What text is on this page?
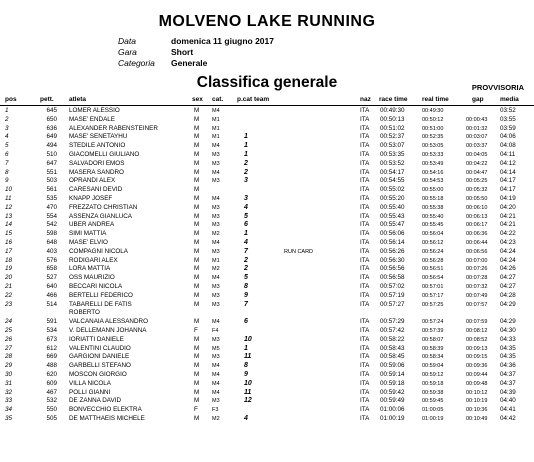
MOLVENO LAKE RUNNING
Data	domenica 11 giugno 2017
Gara	Short
Categoria Generale
Classifica generale	PROVVISORIA
pos	pett. atleta	sex cat. p.cat team	naz race time real time	gap	media
1	645 LOMER ALESSIO	M M4	ITA 00:49:30	00:49:30	03:52
2	650 MASE' ENDALE	M M1	ITA 00:50:13	00:50:12	00:00:43 03:55
3	636 ALEXANDER RABENSTEINER	M M1	ITA 00:51:02	00:51:00	00:01:32 03:59
4	649 MASE' SENETAYHU	M M1	1	ITA 00:52:37	00:52:35	00:03:07 04:06
5	494 STEDILE ANTONIO	M M4	1	ITA 00:53:07	00:53:05	00:03:37 04:08
6	510 GIACOMELLI GIULIANO	M M3	1	ITA 00:53:35	00:53:33	00:04:05 04:11
7	647 SALVADORI EMOS	M M3	2	ITA 00:53:52	00:53:49	00:04:22 04:12
8	551 MASERA SANDRO	M M4	2	ITA 00:54:17	00:54:16	00:04:47 04:14
9	503 OPRANDI ALEX	M M3	3	ITA 00:54:55	00:54:53	00:05:25 04:17
10	561 CARESANI DEVID	M	ITA 00:55:02	00:55:00	00:05:32 04:17
11	535 KNAPP JOSEF	M M4	3	ITA 00:55:20	00:55:18	00:05:50 04:19
12	470 FREZZATO CHRISTIAN	M M3	4	ITA 00:55:40	00:55:38	00:06:10 04:20
13	554 ASSENZA GIANLUCA	M M3	5	ITA 00:55:43	00:55:40	00:06:13 04:21
14	542 UBER ANDREA	M M3	6	ITA 00:55:47	00:55:45	00:06:17 04:21
15	598 SIMI MATTIA	M M2	1	ITA 00:56:06	00:56:04	00:06:36 04:22
16	648 MASE' ELVIO	M M4	4	ITA 00:56:14	00:56:12	00:06:44 04:23
17	403 COMPAGNI NICOLA	M M3	7	RUN CARD	ITA 00:56:26	00:56:24	00:06:56 04:24
18	576 RODIGARI ALEX	M M1	2	ITA 00:56:30	00:56:28	00:07:00 04:24
19	658 LORA MATTIA	M M2	2	ITA 00:56:56	00:56:51	00:07:26 04:26
20	527 OSS MAURIZIO	M M4	5	ITA 00:56:58	00:56:54	00:07:28 04:27
21	640 BECCARI NICOLA	M M3	8	ITA 00:57:02	00:57:01	00:07:32 04:27
22	466 BERTELLI FEDERICO	M M3	9	ITA 00:57:19	00:57:17	00:07:49 04:28
23	514 TABARELLI DE FATIS	M M3	7	ITA 00:57:27	00:57:25	00:07:57 04:29
ROBERTO
24	591 VALCANAIA ALESSANDRO	M M4	6	ITA 00:57:29	00:57:24	00:07:59 04:29
25	534 V. DELLEMANN JOHANNA	F	F4	ITA 00:57:42	00:57:39	00:08:12 04:30
26	673 IORIATTI DANIELE	M M3	10	ITA 00:58:22	00:58:07	00:08:52 04:33
27	612 VALENTINI CLAUDIO	M M5	1	ITA 00:58:43	00:58:39	00:09:13 04:35
28	669 GARGIONI DANIELE	M M3	11	ITA 00:58:45	00:58:34	00:09:15 04:35
29	488 GARBELLI STEFANO	M M4	8	ITA 00:59:06	00:59:04	00:09:36 04:36
30	620 MOSCON GIORGIO	M M4	9	ITA 00:59:14	00:59:12	00:09:44 04:37
31	609 VILLA NICOLA	M M4	10	ITA 00:59:18	00:59:18	00:09:48 04:37
32	467 POLLI GIANNI	M M4	11	ITA 00:59:42	00:59:38	00:10:12 04:39
33	532 DE ZANNA DAVID	M M3	12	ITA 00:59:49	00:59:45	00:10:19 04:40
34	550 BONVECCHIO ELEKTRA	F	F3	ITA 01:00:06	01:00:05	00:10:36 04:41
35	505 DE MATTHAEIS MICHELE	M M2	4	ITA 01:00:19	01:00:19	00:10:49 04:42
